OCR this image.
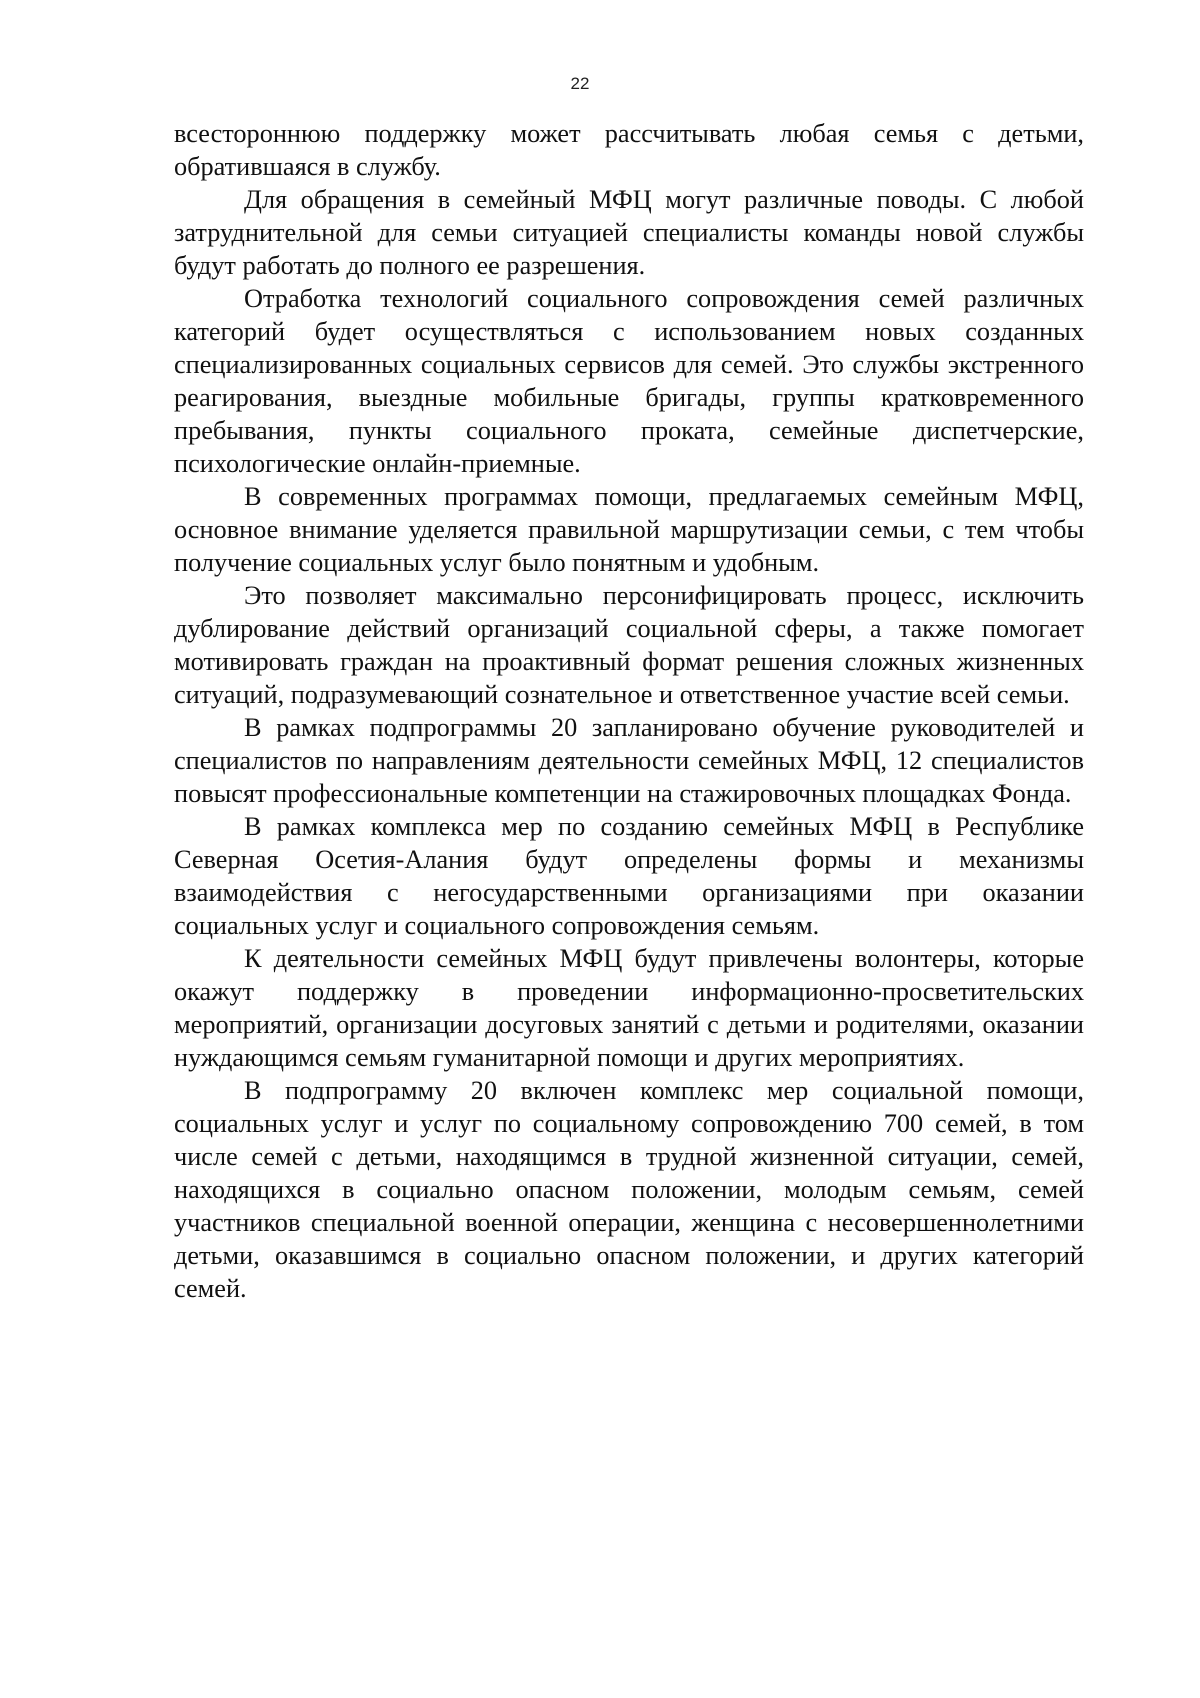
22

всестороннюю поддержку может рассчитывать любая семья с детьми, обратившаяся в службу.

Для обращения в семейный МФЦ могут различные поводы. С любой затруднительной для семьи ситуацией специалисты команды новой службы будут работать до полного ее разрешения.

Отработка технологий социального сопровождения семей различных категорий будет осуществляться с использованием новых созданных специализированных социальных сервисов для семей. Это службы экстренного реагирования, выездные мобильные бригады, группы кратковременного пребывания, пункты социального проката, семейные диспетчерские, психологические онлайн-приемные.

В современных программах помощи, предлагаемых семейным МФЦ, основное внимание уделяется правильной маршрутизации семьи, с тем чтобы получение социальных услуг было понятным и удобным.

Это позволяет максимально персонифицировать процесс, исключить дублирование действий организаций социальной сферы, а также помогает мотивировать граждан на проактивный формат решения сложных жизненных ситуаций, подразумевающий сознательное и ответственное участие всей семьи.

В рамках подпрограммы 20 запланировано обучение руководителей и специалистов по направлениям деятельности семейных МФЦ, 12 специалистов повысят профессиональные компетенции на стажировочных площадках Фонда.

В рамках комплекса мер по созданию семейных МФЦ в Республике Северная Осетия-Алания будут определены формы и механизмы взаимодействия с негосударственными организациями при оказании социальных услуг и социального сопровождения семьям.

К деятельности семейных МФЦ будут привлечены волонтеры, которые окажут поддержку в проведении информационно-просветительских мероприятий, организации досуговых занятий с детьми и родителями, оказании нуждающимся семьям гуманитарной помощи и других мероприятиях.

В подпрограмму 20 включен комплекс мер социальной помощи, социальных услуг и услуг по социальному сопровождению 700 семей, в том числе семей с детьми, находящимся в трудной жизненной ситуации, семей, находящихся в социально опасном положении, молодым семьям, семей участников специальной военной операции, женщина с несовершеннолетними детьми, оказавшимся в социально опасном положении, и других категорий семей.
